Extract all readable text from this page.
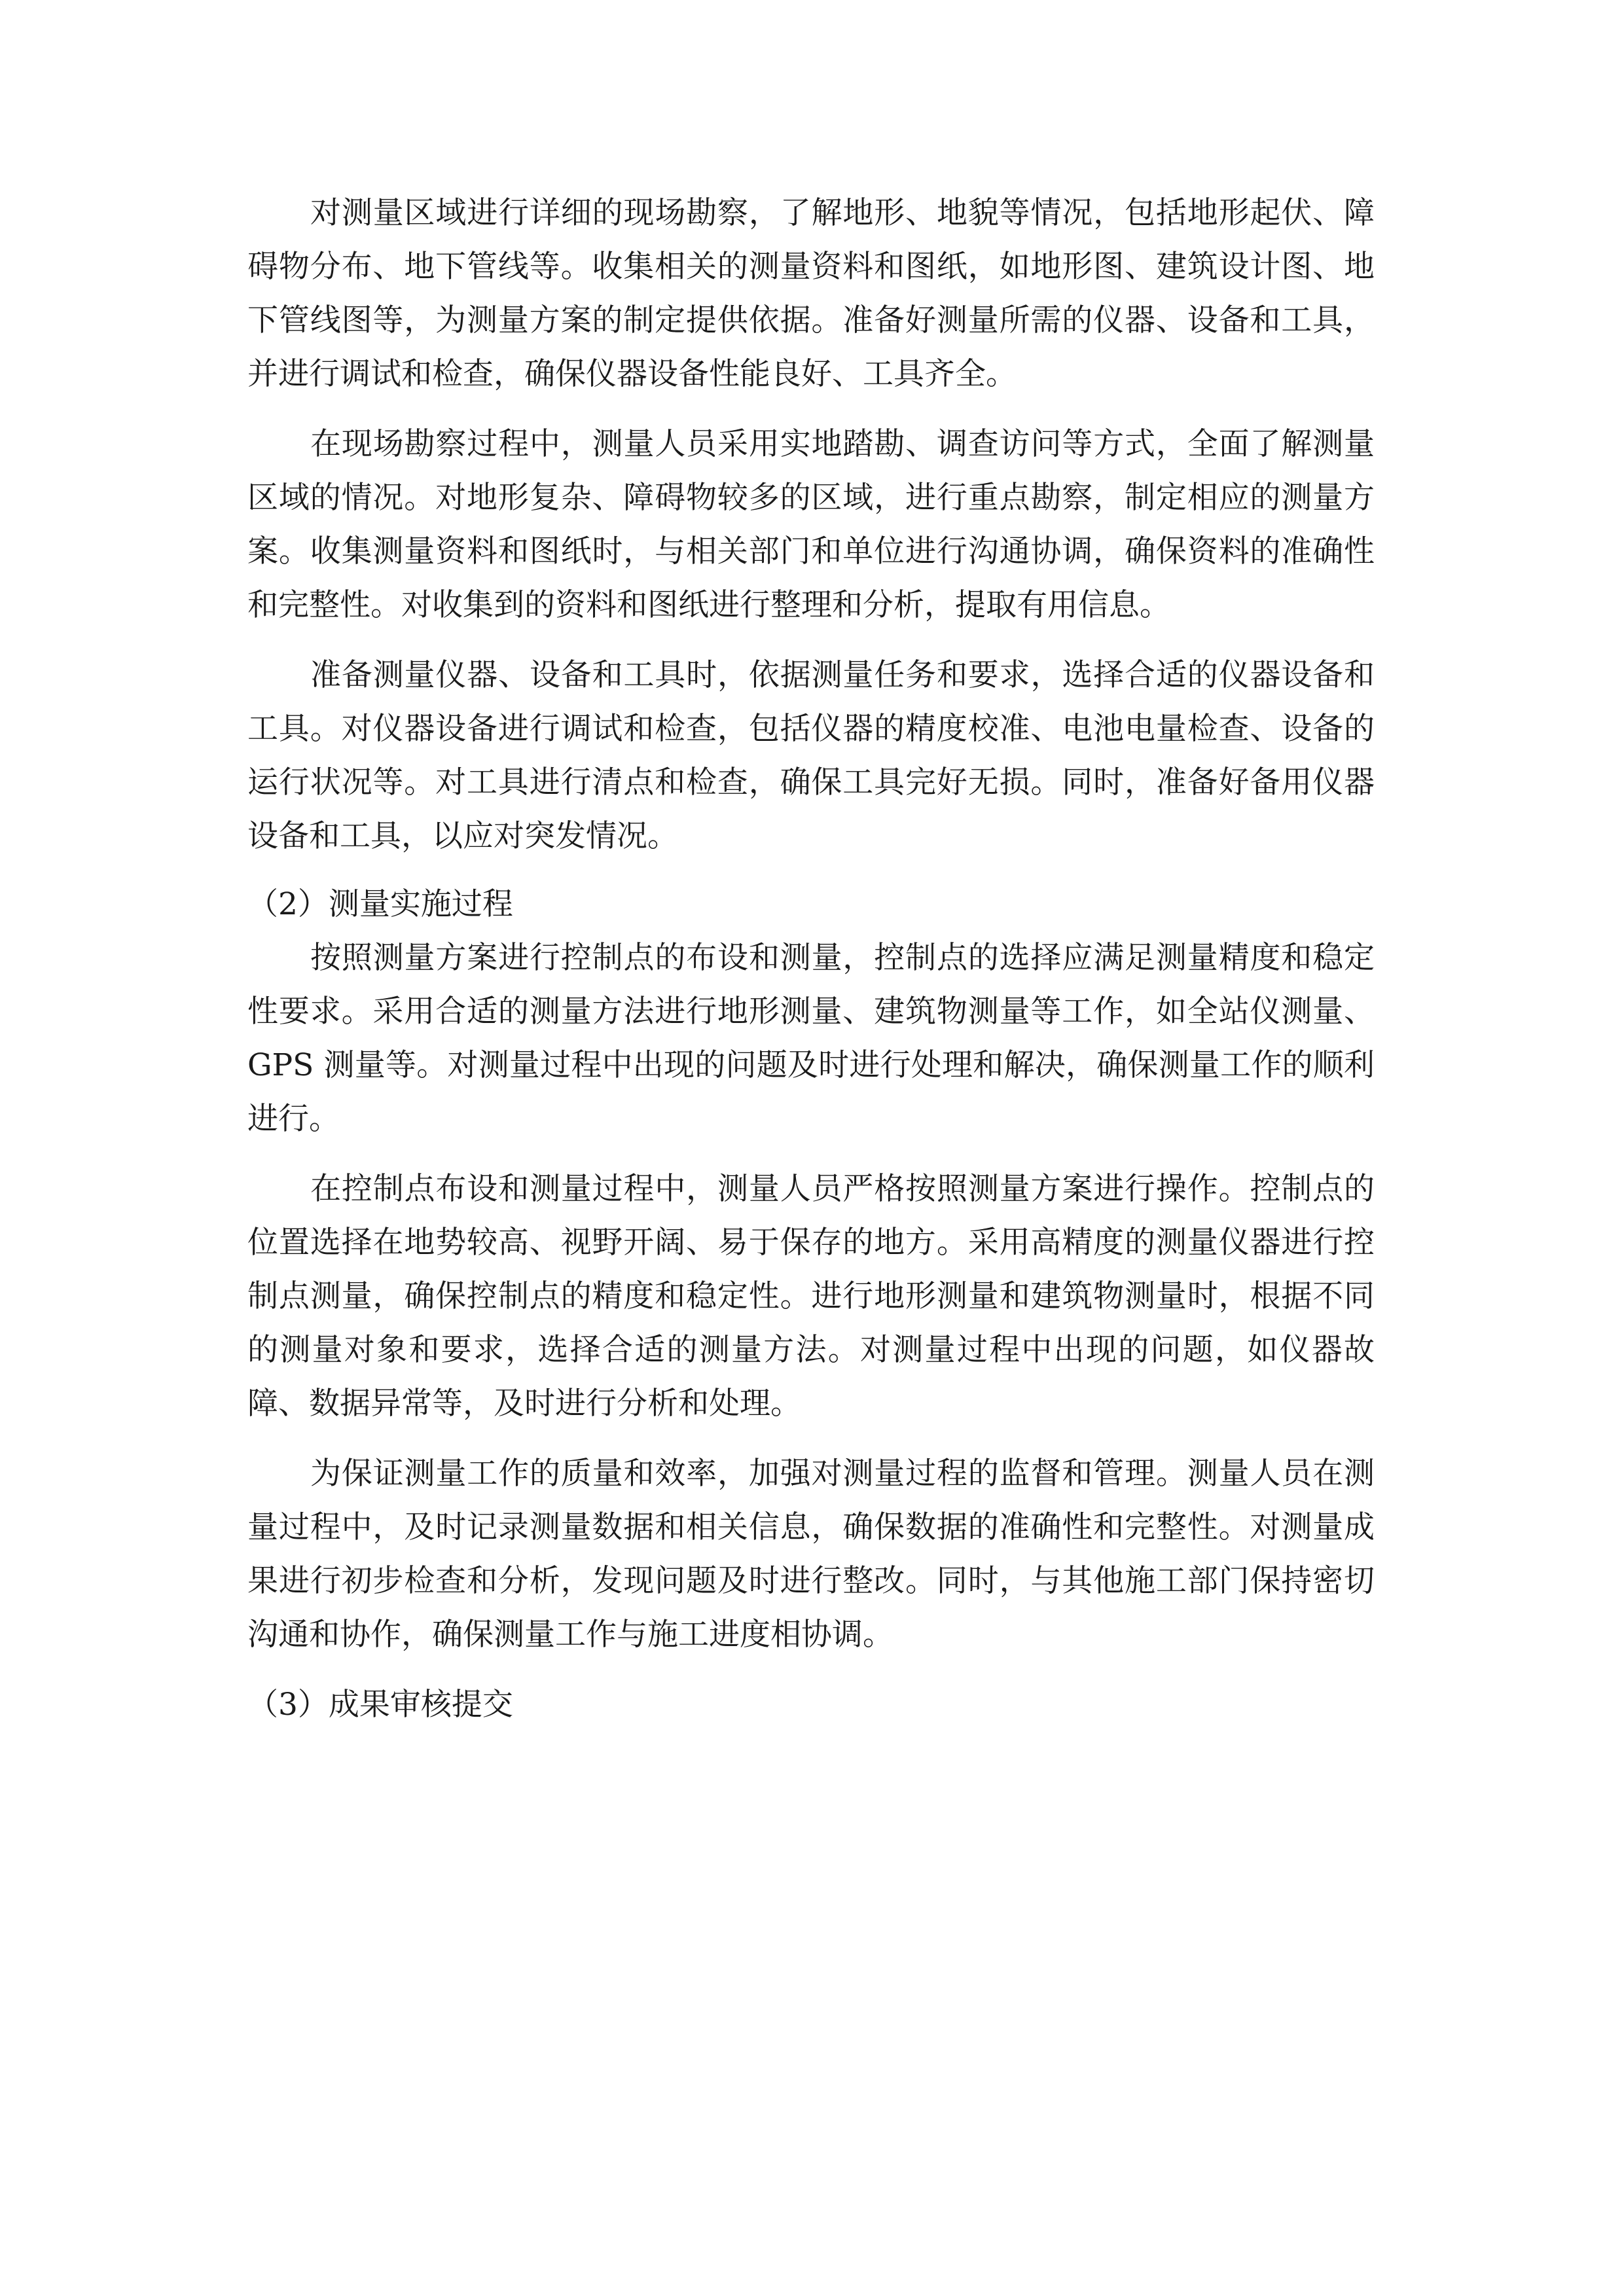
对测量区域进行详细的现场勘察，了解地形、地貌等情况，包括地形起伏、障碍物分布、地下管线等。收集相关的测量资料和图纸，如地形图、建筑设计图、地下管线图等，为测量方案的制定提供依据。准备好测量所需的仪器、设备和工具，并进行调试和检查，确保仪器设备性能良好、工具齐全。

在现场勘察过程中，测量人员采用实地踏勘、调查访问等方式，全面了解测量区域的情况。对地形复杂、障碍物较多的区域，进行重点勘察，制定相应的测量方案。收集测量资料和图纸时，与相关部门和单位进行沟通协调，确保资料的准确性和完整性。对收集到的资料和图纸进行整理和分析，提取有用信息。

准备测量仪器、设备和工具时，依据测量任务和要求，选择合适的仪器设备和工具。对仪器设备进行调试和检查，包括仪器的精度校准、电池电量检查、设备的运行状况等。对工具进行清点和检查，确保工具完好无损。同时，准备好备用仪器设备和工具，以应对突发情况。

（2）测量实施过程

按照测量方案进行控制点的布设和测量，控制点的选择应满足测量精度和稳定性要求。采用合适的测量方法进行地形测量、建筑物测量等工作，如全站仪测量、GPS 测量等。对测量过程中出现的问题及时进行处理和解决，确保测量工作的顺利进行。

在控制点布设和测量过程中，测量人员严格按照测量方案进行操作。控制点的位置选择在地势较高、视野开阔、易于保存的地方。采用高精度的测量仪器进行控制点测量，确保控制点的精度和稳定性。进行地形测量和建筑物测量时，根据不同的测量对象和要求，选择合适的测量方法。对测量过程中出现的问题，如仪器故障、数据异常等，及时进行分析和处理。

为保证测量工作的质量和效率，加强对测量过程的监督和管理。测量人员在测量过程中，及时记录测量数据和相关信息，确保数据的准确性和完整性。对测量成果进行初步检查和分析，发现问题及时进行整改。同时，与其他施工部门保持密切沟通和协作，确保测量工作与施工进度相协调。

（3）成果审核提交
